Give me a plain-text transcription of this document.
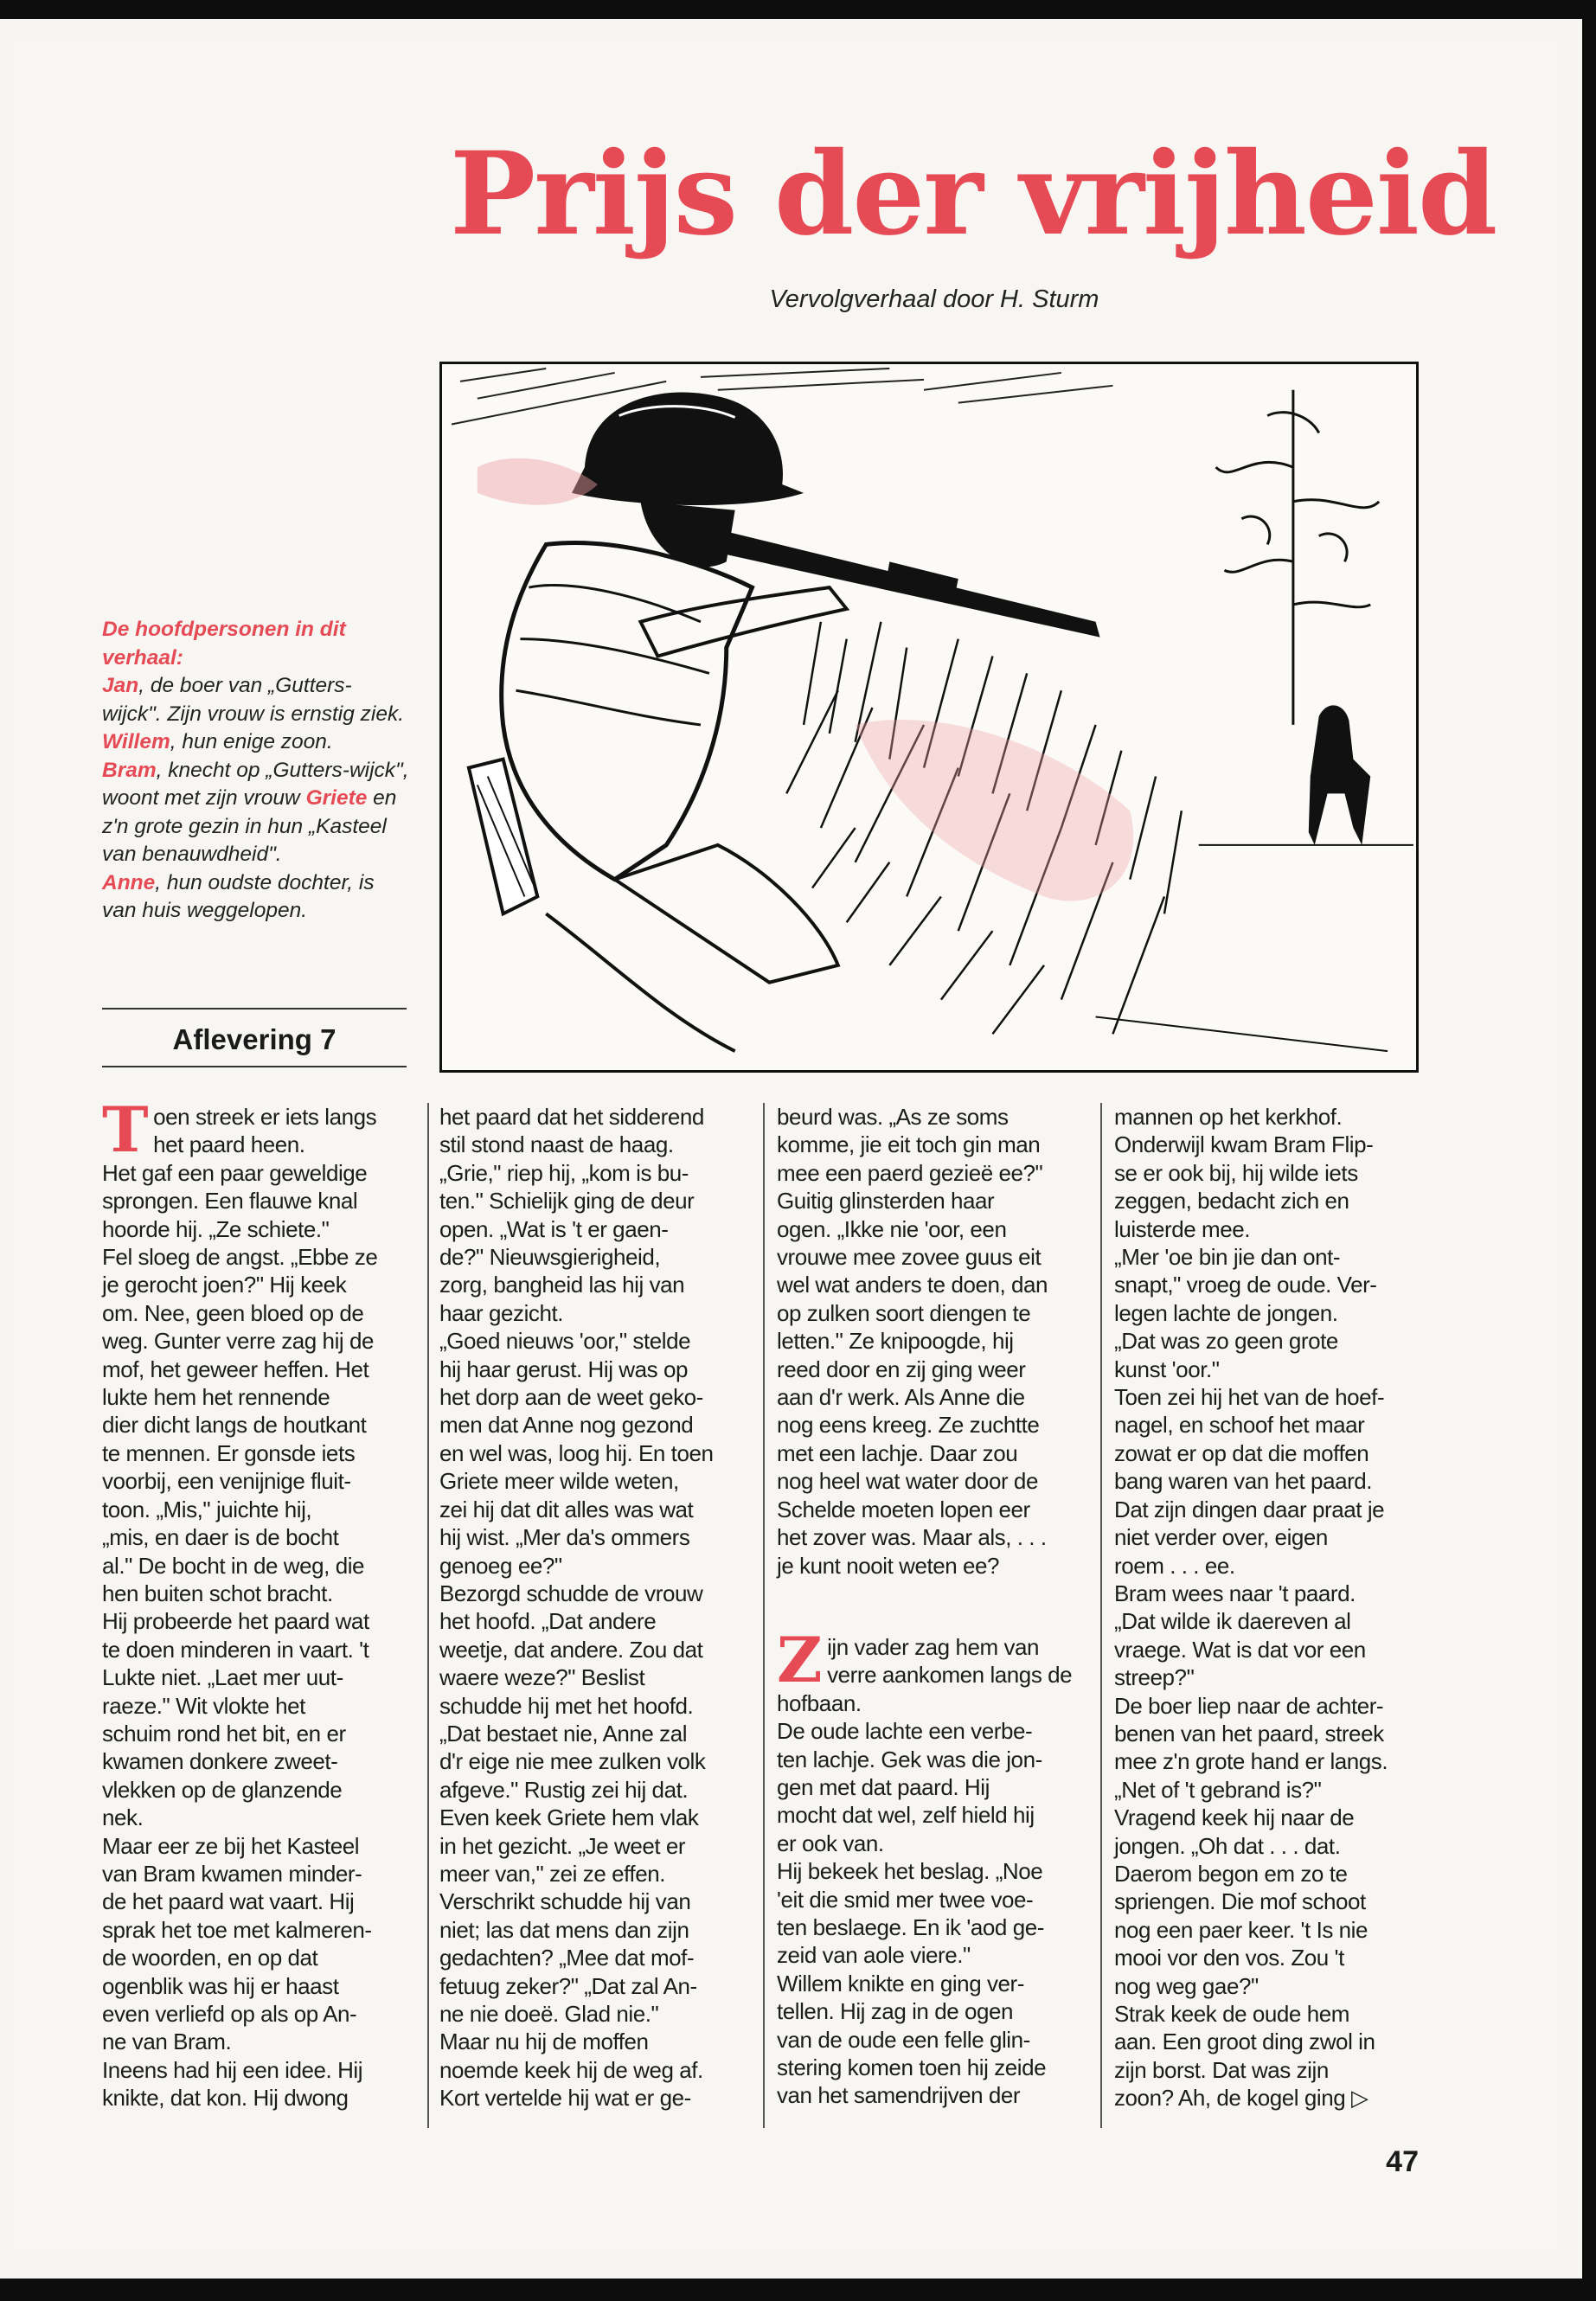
Prijs der vrijheid
Vervolgverhaal door H. Sturm
De hoofdpersonen in dit verhaal:
Jan, de boer van „Gutters-wijck". Zijn vrouw is ernstig ziek.
Willem, hun enige zoon.
Bram, knecht op „Gutters-wijck", woont met zijn vrouw Griete en z'n grote gezin in hun „Kasteel van benauwdheid".
Anne, hun oudste dochter, is van huis weggelopen.
Aflevering 7
T oen streek er iets langs
het paard heen.
Het gaf een paar geweldige
sprongen. Een flauwe knal
hoorde hij. „Ze schiete."
Fel sloeg de angst. „Ebbe ze
je gerocht joen?" Hij keek
om. Nee, geen bloed op de
weg. Gunter verre zag hij de
mof, het geweer heffen. Het
lukte hem het rennende
dier dicht langs de houtkant
te mennen. Er gonsde iets
voorbij, een venijnige fluit-
toon. „Mis," juichte hij,
„mis, en daer is de bocht
al." De bocht in de weg, die
hen buiten schot bracht.
Hij probeerde het paard wat
te doen minderen in vaart. 't
Lukte niet. „Laet mer uut-
raeze." Wit vlokte het
schuim rond het bit, en er
kwamen donkere zweet-
vlekken op de glanzende
nek.
Maar eer ze bij het Kasteel
van Bram kwamen minder-
de het paard wat vaart. Hij
sprak het toe met kalmeren-
de woorden, en op dat
ogenblik was hij er haast
even verliefd op als op An-
ne van Bram.
Ineens had hij een idee. Hij
knikte, dat kon. Hij dwong

het paard dat het sidderend
stil stond naast de haag.
„Grie," riep hij, „kom is bu-
ten." Schielijk ging de deur
open. „Wat is 't er gaen-
de?" Nieuwsgierigheid,
zorg, bangheid las hij van
haar gezicht.
„Goed nieuws 'oor," stelde
hij haar gerust. Hij was op
het dorp aan de weet geko-
men dat Anne nog gezond
en wel was, loog hij. En toen
Griete meer wilde weten,
zei hij dat dit alles was wat
hij wist. „Mer da's ommers
genoeg ee?"
Bezorgd schudde de vrouw
het hoofd. „Dat andere
weetje, dat andere. Zou dat
waere weze?" Beslist
schudde hij met het hoofd.
„Dat bestaet nie, Anne zal
d'r eige nie mee zulken volk
afgeve." Rustig zei hij dat.
Even keek Griete hem vlak
in het gezicht. „Je weet er
meer van," zei ze effen.
Verschrikt schudde hij van
niet; las dat mens dan zijn
gedachten? „Mee dat mof-
fetuug zeker?" „Dat zal An-
ne nie doeë. Glad nie."
Maar nu hij de moffen
noemde keek hij de weg af.
Kort vertelde hij wat er ge-

beurd was. „As ze soms
komme, jie eit toch gin man
mee een paerd gezieë ee?"
Guitig glinsterden haar
ogen. „Ikke nie 'oor, een
vrouwe mee zovee guus eit
wel wat anders te doen, dan
op zulken soort diengen te
letten." Ze knipoogde, hij
reed door en zij ging weer
aan d'r werk. Als Anne die
nog eens kreeg. Ze zuchtte
met een lachje. Daar zou
nog heel wat water door de
Schelde moeten lopen eer
het zover was. Maar als, . . .
je kunt nooit weten ee?

Z ijn vader zag hem van
verre aankomen langs de
hofbaan.
De oude lachte een verbe-
ten lachje. Gek was die jon-
gen met dat paard. Hij
mocht dat wel, zelf hield hij
er ook van.
Hij bekeek het beslag. „Noe
'eit die smid mer twee voe-
ten beslaege. En ik 'aod ge-
zeid van aole viere."
Willem knikte en ging ver-
tellen. Hij zag in de ogen
van de oude een felle glin-
stering komen toen hij zeide
van het samendrijven der

mannen op het kerkhof.
Onderwijl kwam Bram Flip-
se er ook bij, hij wilde iets
zeggen, bedacht zich en
luisterde mee.
„Mer 'oe bin jie dan ont-
snapt," vroeg de oude. Ver-
legen lachte de jongen.
„Dat was zo geen grote
kunst 'oor."
Toen zei hij het van de hoef-
nagel, en schoof het maar
zowat er op dat die moffen
bang waren van het paard.
Dat zijn dingen daar praat je
niet verder over, eigen
roem . . . ee.
Bram wees naar 't paard.
„Dat wilde ik daereven al
vraege. Wat is dat vor een
streep?"
De boer liep naar de achter-
benen van het paard, streek
mee z'n grote hand er langs.
„Net of 't gebrand is?"
Vragend keek hij naar de
jongen. „Oh dat . . . dat.
Daerom begon em zo te
spriengen. Die mof schoot
nog een paer keer. 't Is nie
mooi vor den vos. Zou 't
nog weg gae?"
Strak keek de oude hem
aan. Een groot ding zwol in
zijn borst. Dat was zijn
zoon? Ah, de kogel ging ▷

47
